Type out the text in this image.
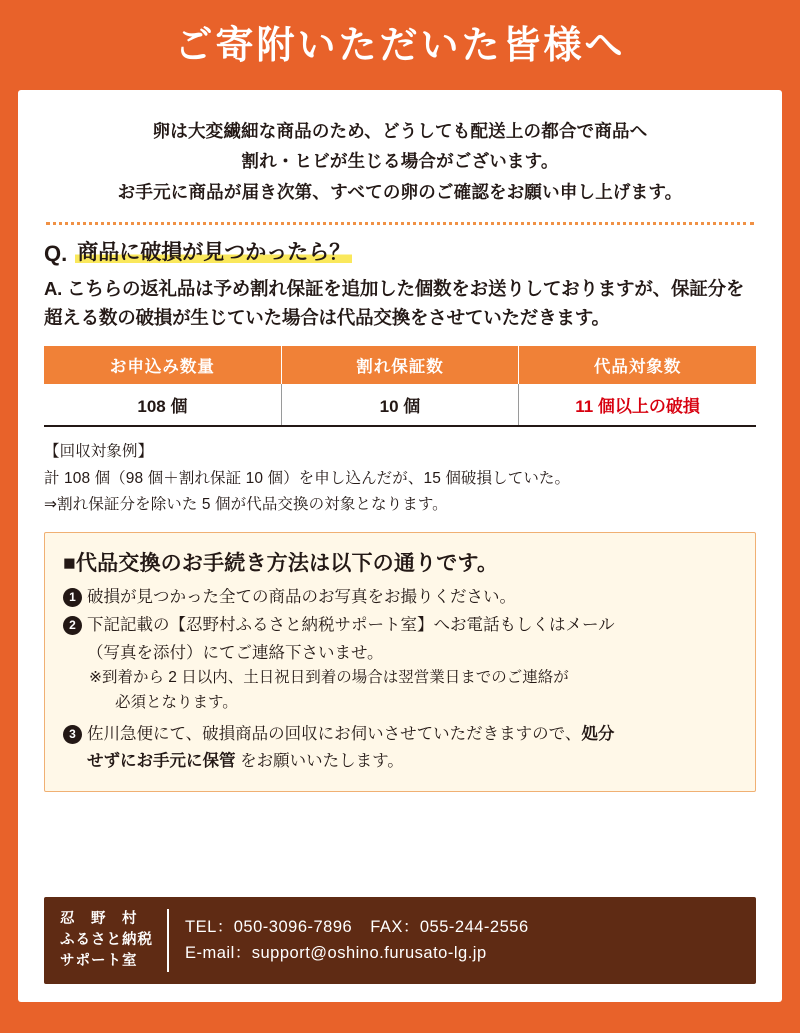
ご寄附いただいた皆様へ
卵は大変繊細な商品のため、どうしても配送上の都合で商品へ
割れ・ヒビが生じる場合がございます。
お手元に商品が届き次第、すべての卵のご確認をお願い申し上げます。
Q. 商品に破損が見つかったら？
A. こちらの返礼品は予め割れ保証を追加した個数をお送りしておりますが、保証分を超える数の破損が生じていた場合は代品交換をさせていただきます。
お申込み数量	割れ保証数	代品対象数
108 個	10 個	11 個以上の破損
【回収対象例】
計 108 個（98 個＋割れ保証 10 個）を申し込んだが、15 個破損していた。
⇒割れ保証分を除いた 5 個が代品交換の対象となります。
■代品交換のお手続き方法は以下の通りです。
1 破損が見つかった全ての商品のお写真をお撮りください。
2 下記記載の【忍野村ふるさと納税サポート室】へお電話もしくはメール
（写真を添付）にてご連絡下さいませ。
※到着から 2 日以内、土日祝日到着の場合は翌営業日までのご連絡が
必須となります。
3 佐川急便にて、破損商品の回収にお伺いさせていただきますので、処分
せずにお手元に保管 をお願いいたします。
忍　野　村
ふるさと納税
サポート室
TEL：050-3096-7896 FAX：055-244-2556
E-mail：support@oshino.furusato-lg.jp
